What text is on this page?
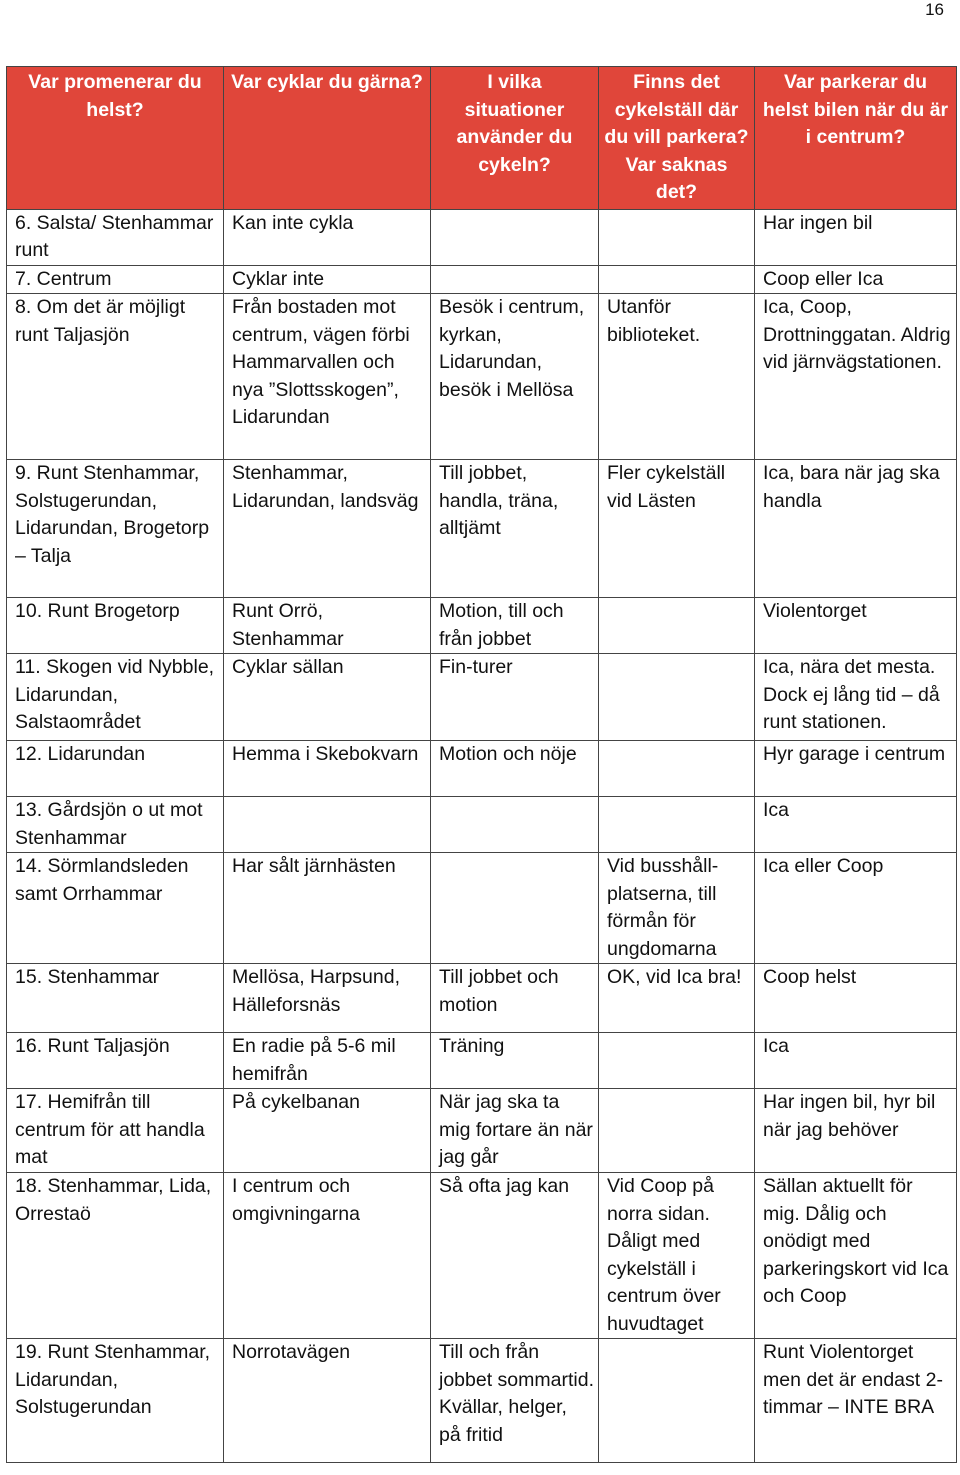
16
Var promenerar du helst?	Var cyklar du gärna?	I vilka situationer använder du cykeln?	Finns det cykelställ där du vill parkera? Var saknas det?	Var parkerar du helst bilen när du är i centrum?
6. Salsta/ Stenhammar runt	Kan inte cykla			Har ingen bil
7. Centrum	Cyklar inte			Coop eller Ica
8. Om det är möjligt runt Taljasjön	Från bostaden mot centrum, vägen förbi Hammarvallen och nya ”Slottsskogen”, Lidarundan	Besök i centrum, kyrkan, Lidarundan, besök i Mellösa	Utanför biblioteket.	Ica, Coop, Drottninggatan. Aldrig vid järnvägstationen.
9. Runt Stenhammar, Solstugerundan, Lidarundan, Brogetorp – Talja	Stenhammar, Lidarundan, landsväg	Till jobbet, handla, träna, alltjämt	Fler cykelställ vid Lästen	Ica, bara när jag ska handla
10. Runt Brogetorp	Runt Orrö, Stenhammar	Motion, till och från jobbet		Violentorget
11. Skogen vid Nybble, Lidarundan, Salstaområdet	Cyklar sällan	Fin-turer		Ica, nära det mesta. Dock ej lång tid – då runt stationen.
12. Lidarundan	Hemma i Skebokvarn	Motion och nöje		Hyr garage i centrum
13. Gårdsjön o ut mot Stenhammar				Ica
14. Sörmlandsleden samt Orrhammar	Har sålt järnhästen		Vid busshåll-platserna, till förmån för ungdomarna	Ica eller Coop
15. Stenhammar	Mellösa, Harpsund, Hälleforsnäs	Till jobbet och motion	OK, vid Ica bra!	Coop helst
16. Runt Taljasjön	En radie på 5-6 mil hemifrån	Träning		Ica
17. Hemifrån till centrum för att handla mat	På cykelbanan	När jag ska ta mig fortare än när jag går		Har ingen bil, hyr bil när jag behöver
18. Stenhammar, Lida, Orrestaö	I centrum och omgivningarna	Så ofta jag kan	Vid Coop på norra sidan. Dåligt med cykelställ i centrum över huvudtaget	Sällan aktuellt för mig. Dålig och onödigt med parkeringskort vid Ica och Coop
19. Runt Stenhammar, Lidarundan, Solstugerundan	Norrotavägen	Till och från jobbet sommartid. Kvällar, helger, på fritid		Runt Violentorget men det är endast 2-timmar – INTE BRA
